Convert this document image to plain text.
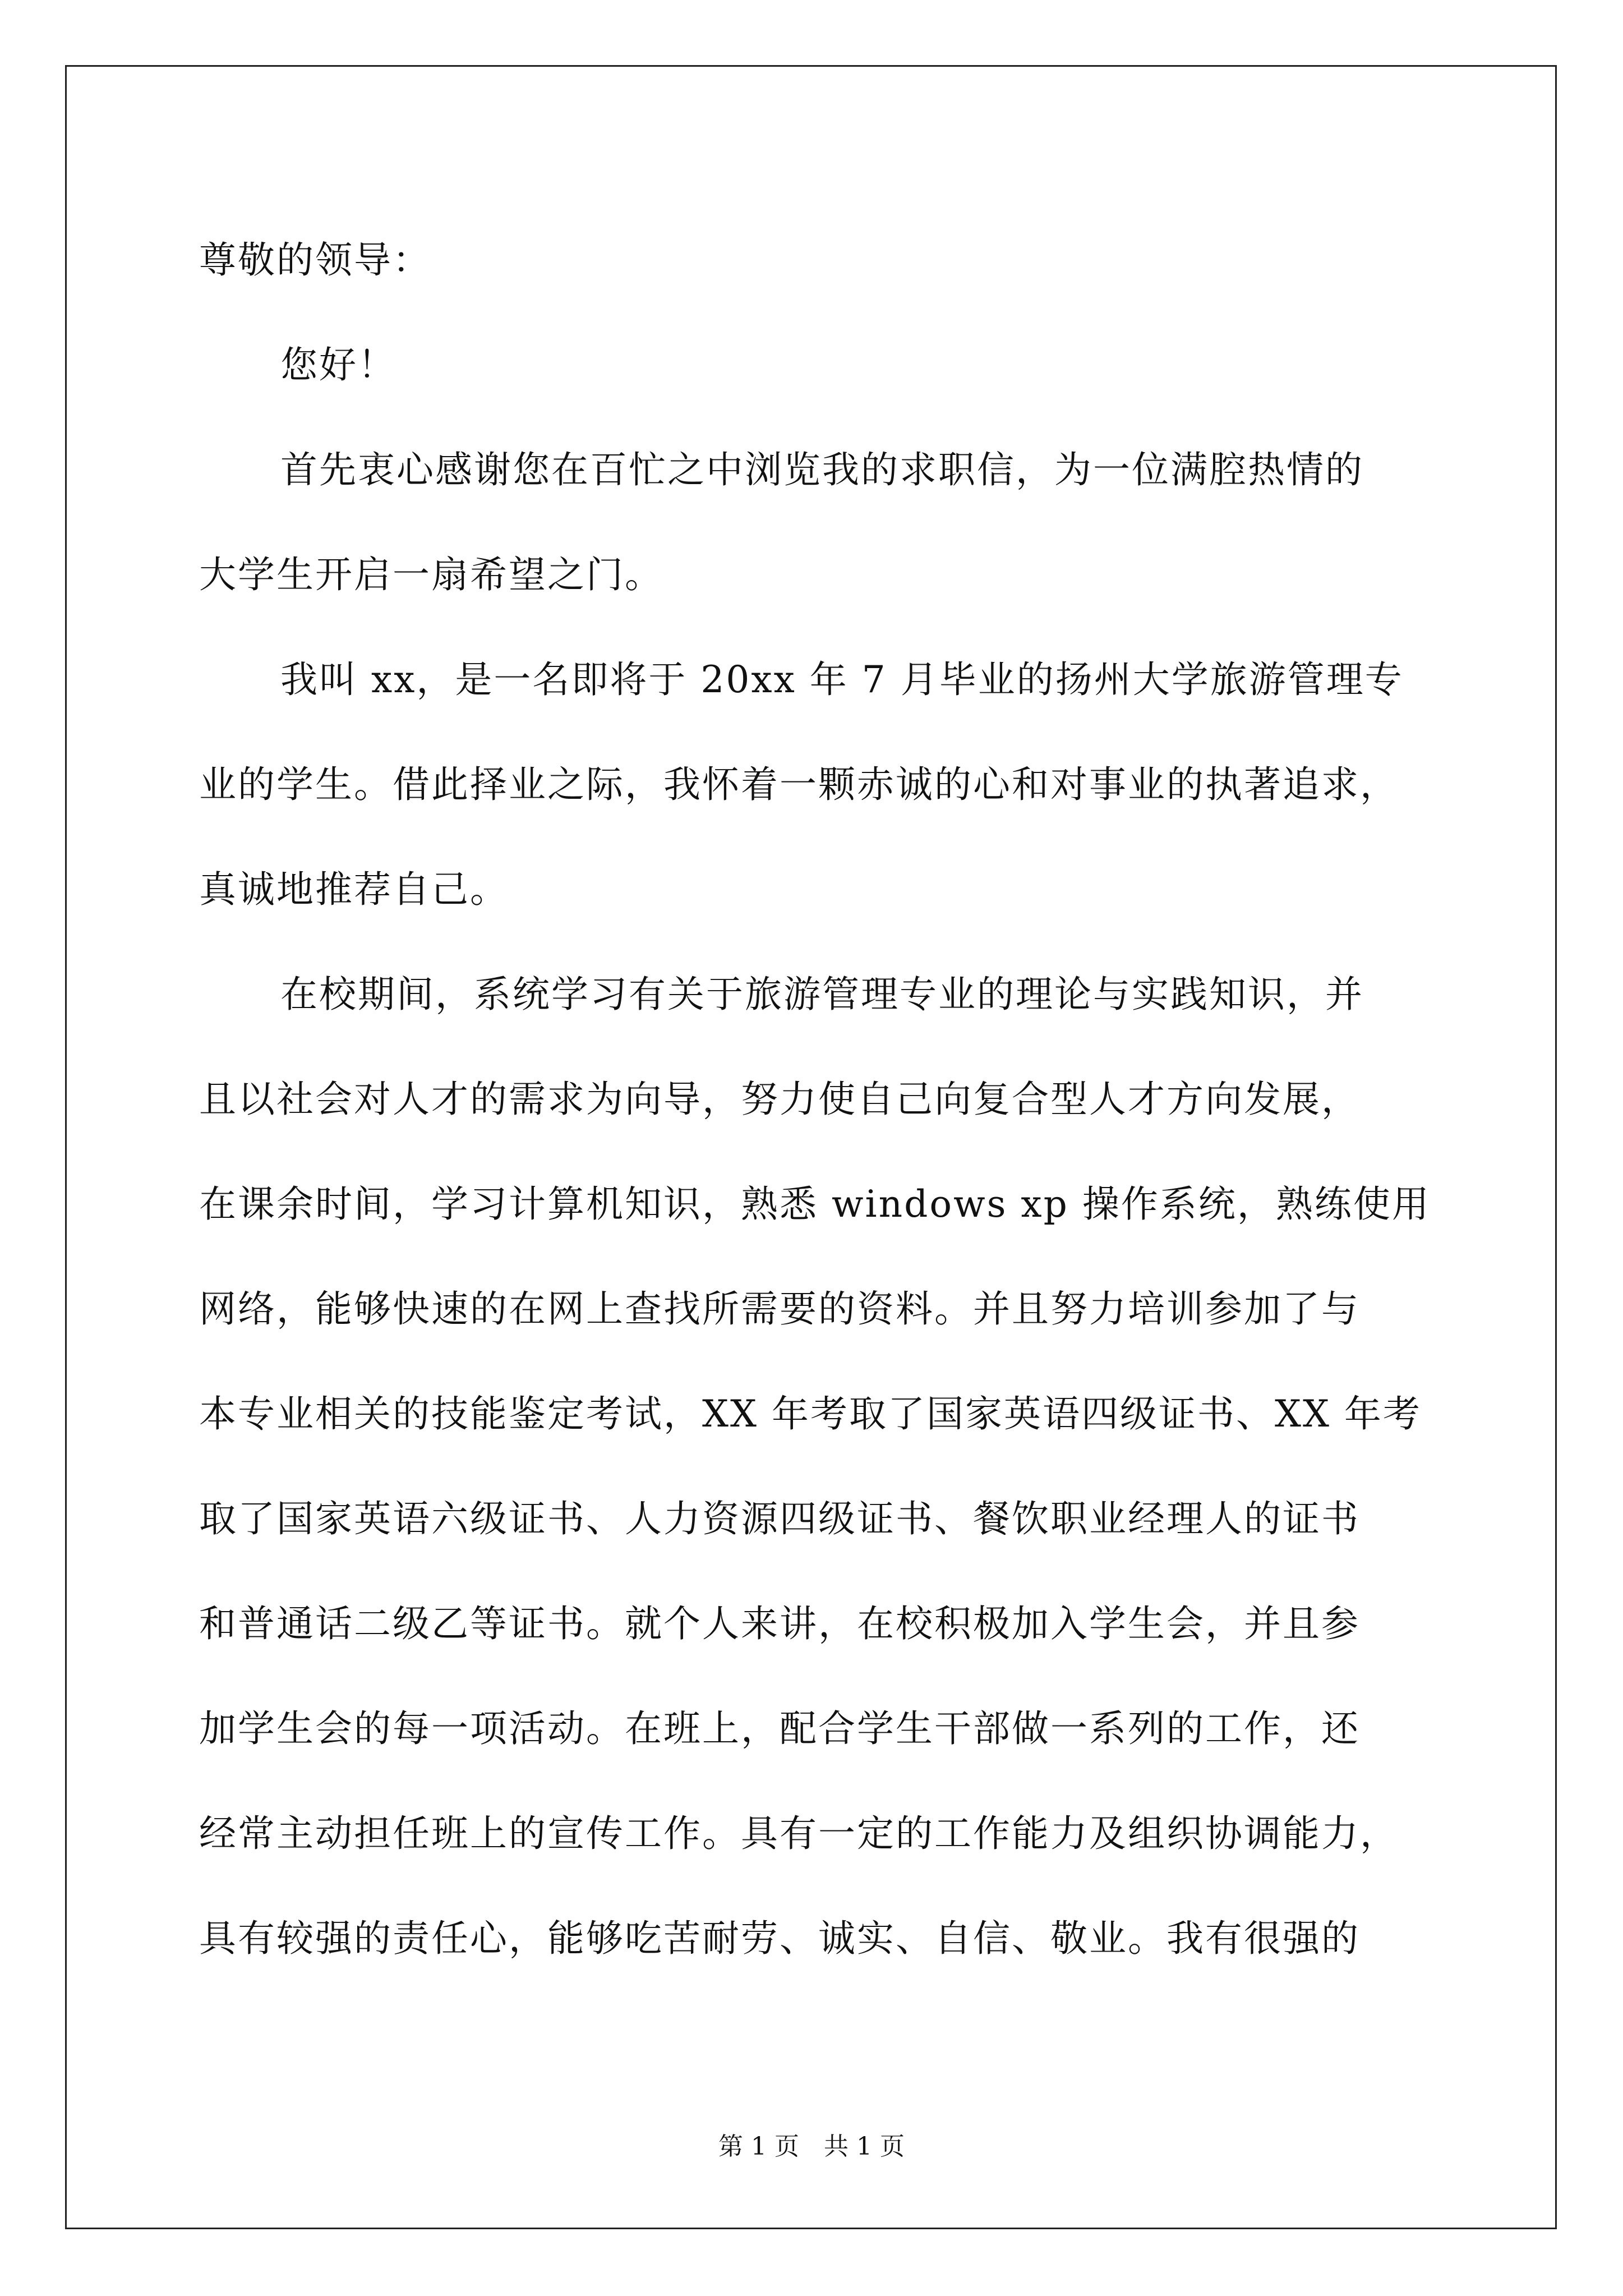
尊敬的领导：
您好！
首先衷心感谢您在百忙之中浏览我的求职信，为一位满腔热情的
大学生开启一扇希望之门。
我叫 xx，是一名即将于 20xx 年 7 月毕业的扬州大学旅游管理专
业的学生。借此择业之际，我怀着一颗赤诚的心和对事业的执著追求，
真诚地推荐自己。
在校期间，系统学习有关于旅游管理专业的理论与实践知识，并
且以社会对人才的需求为向导，努力使自己向复合型人才方向发展，
在课余时间，学习计算机知识，熟悉 windows xp 操作系统，熟练使用
网络，能够快速的在网上查找所需要的资料。并且努力培训参加了与
本专业相关的技能鉴定考试，XX 年考取了国家英语四级证书、XX 年考
取了国家英语六级证书、人力资源四级证书、餐饮职业经理人的证书
和普通话二级乙等证书。就个人来讲，在校积极加入学生会，并且参
加学生会的每一项活动。在班上，配合学生干部做一系列的工作，还
经常主动担任班上的宣传工作。具有一定的工作能力及组织协调能力，
具有较强的责任心，能够吃苦耐劳、诚实、自信、敬业。我有很强的
第 1 页　共 1 页
